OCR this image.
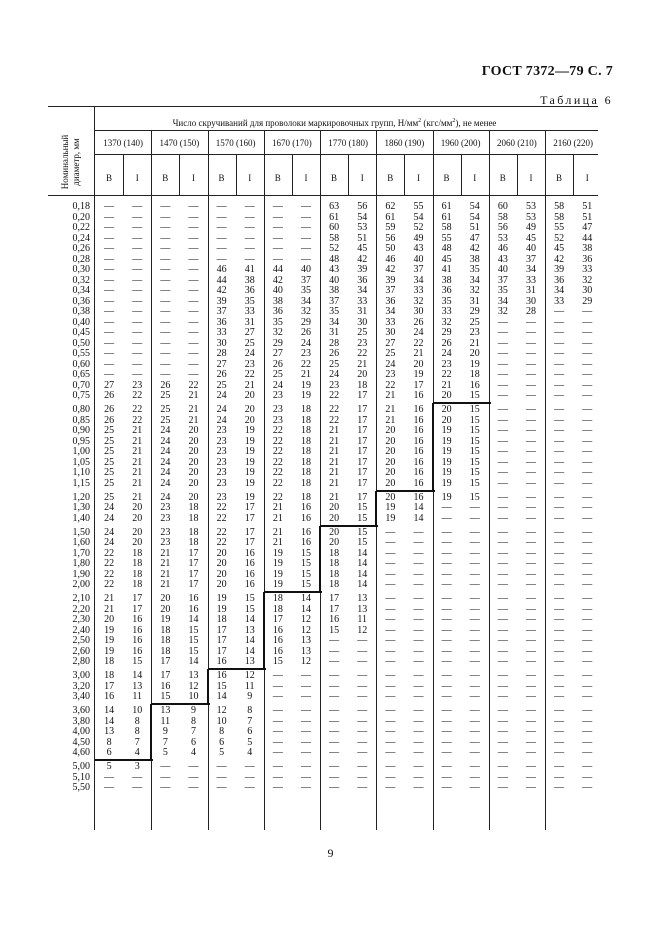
ГОСТ 7372—79 С. 7
Таблица 6
Номинальный
диаметр, мм
Число скручиваний для проволоки маркировочных групп, $Н/мм^2$ $(кгс/мм^2)$, не менее
1370 (140)
В	I
1470 (150)
В	I
1570 (160)
В	I
1670 (170)
В	I
1770 (180)
В	I
1860 (190)
В	I
1960 (200)
В	I
2060 (210)
В	I
2160 (220)
В	I
0,18	—	—	—	—	—	—	—	—	63	56	62	55	61	54	60	53	58	51
0,20	—	—	—	—	—	—	—	—	61	54	61	54	61	54	58	53	58	51
0,22	—	—	—	—	—	—	—	—	60	53	59	52	58	51	56	49	55	47
0,24	—	—	—	—	—	—	—	—	58	51	56	49	55	47	53	45	52	44
0,26	—	—	—	—	—	—	—	—	52	45	50	43	48	42	46	40	45	38
0,28	—	—	—	—	—	—	—	—	48	42	46	40	45	38	43	37	42	36
0,30	—	—	—	—	46	41	44	40	43	39	42	37	41	35	40	34	39	33
0,32	—	—	—	—	44	38	42	37	40	36	39	34	38	34	37	33	36	32
0,34	—	—	—	—	42	36	40	35	38	34	37	33	36	32	35	31	34	30
0,36	—	—	—	—	39	35	38	34	37	33	36	32	35	31	34	30	33	29
0,38	—	—	—	—	37	33	36	32	35	31	34	30	33	29	32	28	—	—
0,40	—	—	—	—	36	31	35	29	34	30	33	26	32	25	—	—	—	—
0,45	—	—	—	—	33	27	32	26	31	25	30	24	29	23	—	—	—	—
0,50	—	—	—	—	30	25	29	24	28	23	27	22	26	21	—	—	—	—
0,55	—	—	—	—	28	24	27	23	26	22	25	21	24	20	—	—	—	—
0,60	—	—	—	—	27	23	26	22	25	21	24	20	23	19	—	—	—	—
0,65	—	—	—	—	26	22	25	21	24	20	23	19	22	18	—	—	—	—
0,70	27	23	26	22	25	21	24	19	23	18	22	17	21	16	—	—	—	—
0,75	26	22	25	21	24	20	23	19	22	17	21	16	20	15	—	—	—	—
0,80	26	22	25	21	24	20	23	18	22	17	21	16	20	15	—	—	—	—
0,85	26	22	25	21	24	20	23	18	22	17	21	16	20	15	—	—	—	—
0,90	25	21	24	20	23	19	22	18	21	17	20	16	19	15	—	—	—	—
0,95	25	21	24	20	23	19	22	18	21	17	20	16	19	15	—	—	—	—
1,00	25	21	24	20	23	19	22	18	21	17	20	16	19	15	—	—	—	—
1,05	25	21	24	20	23	19	22	18	21	17	20	16	19	15	—	—	—	—
1,10	25	21	24	20	23	19	22	18	21	17	20	16	19	15	—	—	—	—
1,15	25	21	24	20	23	19	22	18	21	17	20	16	19	15	—	—	—	—
1,20	25	21	24	20	23	19	22	18	21	17	20	16	19	15	—	—	—	—
1,30	24	20	23	18	22	17	21	16	20	15	19	14	—	—	—	—	—	—
1,40	24	20	23	18	22	17	21	16	20	15	19	14	—	—	—	—	—	—
1,50	24	20	23	18	22	17	21	16	20	15	—	—	—	—	—	—	—	—
1,60	24	20	23	18	22	17	21	16	20	15	—	—	—	—	—	—	—	—
1,70	22	18	21	17	20	16	19	15	18	14	—	—	—	—	—	—	—	—
1,80	22	18	21	17	20	16	19	15	18	14	—	—	—	—	—	—	—	—
1,90	22	18	21	17	20	16	19	15	18	14	—	—	—	—	—	—	—	—
2,00	22	18	21	17	20	16	19	15	18	14	—	—	—	—	—	—	—	—
2,10	21	17	20	16	19	15	18	14	17	13	—	—	—	—	—	—	—	—
2,20	21	17	20	16	19	15	18	14	17	13	—	—	—	—	—	—	—	—
2,30	20	16	19	14	18	14	17	12	16	11	—	—	—	—	—	—	—	—
2,40	19	16	18	15	17	13	16	12	15	12	—	—	—	—	—	—	—	—
2,50	19	16	18	15	17	14	16	13	—	—	—	—	—	—	—	—	—	—
2,60	19	16	18	15	17	14	16	13	—	—	—	—	—	—	—	—	—	—
2,80	18	15	17	14	16	13	15	12	—	—	—	—	—	—	—	—	—	—
3,00	18	14	17	13	16	12	—	—	—	—	—	—	—	—	—	—	—	—
3,20	17	13	16	12	15	11	—	—	—	—	—	—	—	—	—	—	—	—
3,40	16	11	15	10	14	9	—	—	—	—	—	—	—	—	—	—	—	—
3,60	14	10	13	9	12	8	—	—	—	—	—	—	—	—	—	—	—	—
3,80	14	8	11	8	10	7	—	—	—	—	—	—	—	—	—	—	—	—
4,00	13	8	9	7	8	6	—	—	—	—	—	—	—	—	—	—	—	—
4,50	8	7	7	6	6	5	—	—	—	—	—	—	—	—	—	—	—	—
4,60	6	4	5	4	5	4	—	—	—	—	—	—	—	—	—	—	—	—
5,00	5	3	—	—	—	—	—	—	—	—	—	—	—	—	—	—	—	—
5,10	—	—	—	—	—	—	—	—	—	—	—	—	—	—	—	—	—	—
5,50	—	—	—	—	—	—	—	—	—	—	—	—	—	—	—	—	—	—
9
